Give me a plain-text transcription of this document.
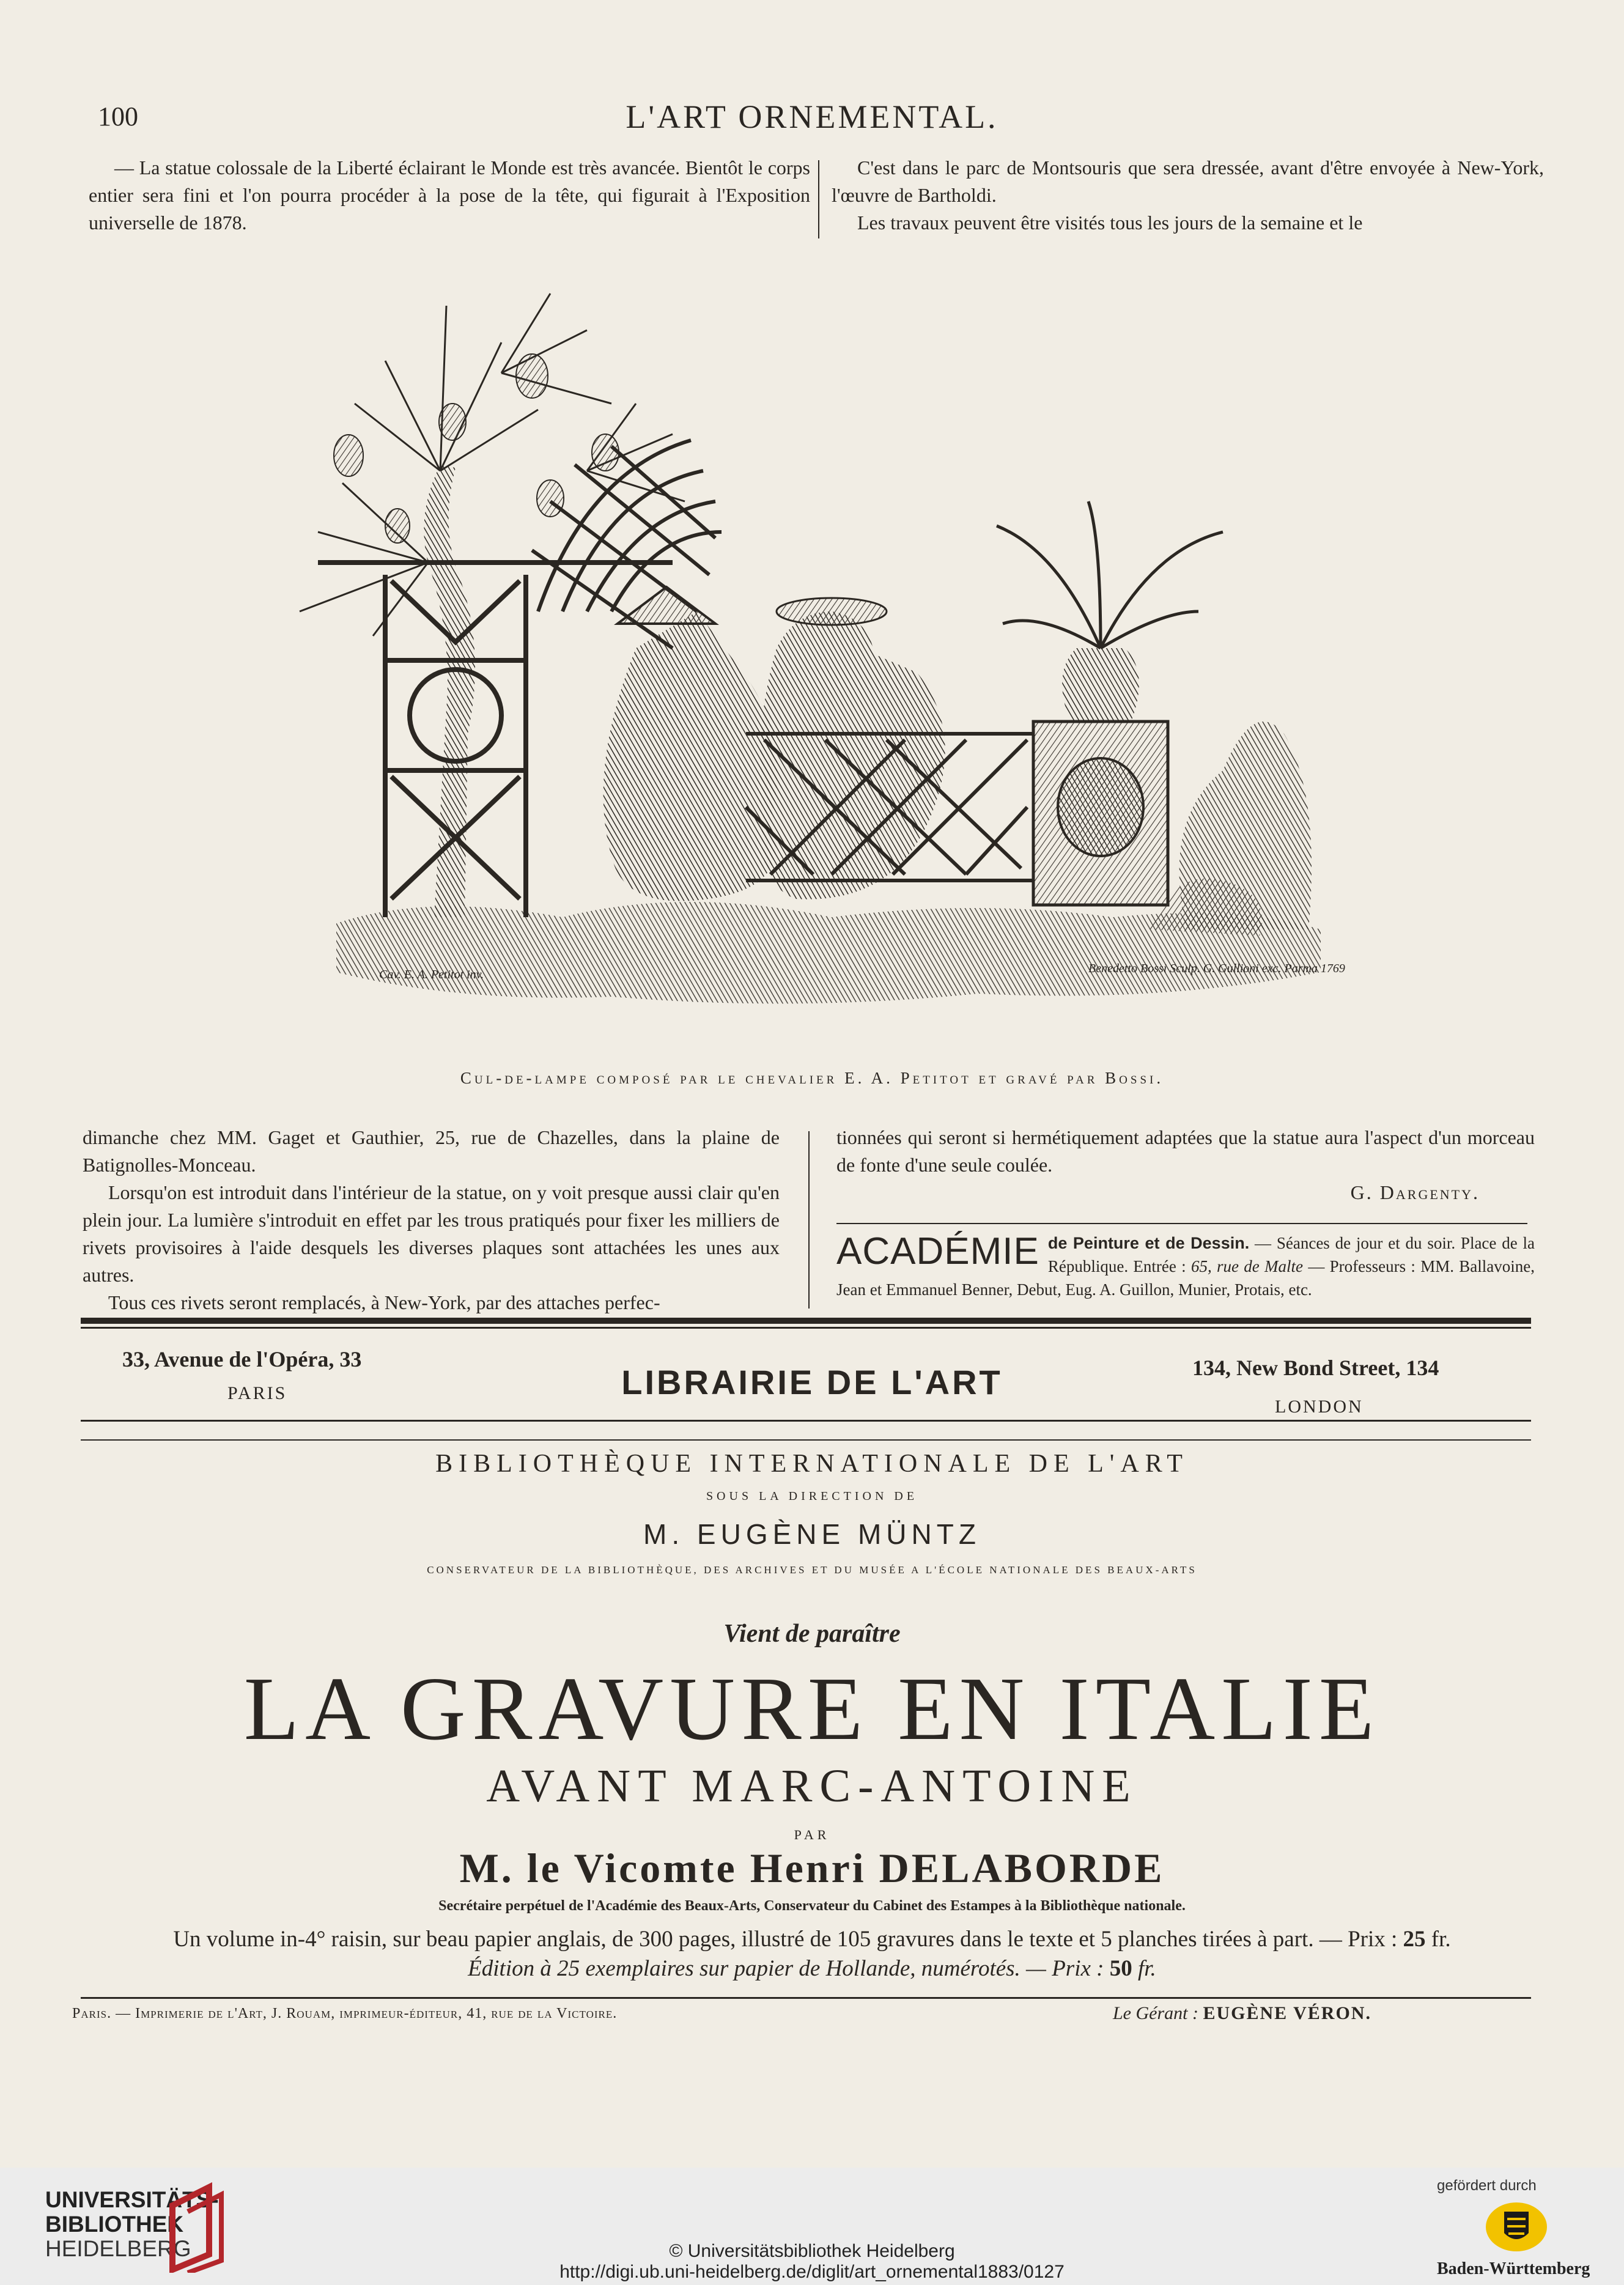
100	L'ART ORNEMENTAL.

— La statue colossale de la Liberté éclairant le Monde est très avancée. Bientôt le corps entier sera fini et l'on pourra procéder à la pose de la tête, qui figurait à l'Exposition universelle de 1878.

C'est dans le parc de Montsouris que sera dressée, avant d'être envoyée à New-York, l'œuvre de Bartholdi.

Les travaux peuvent être visités tous les jours de la semaine et le

Cav. E. A. Petitot inv.	Benedetto Bossi Sculp. G. Gullioni exc. Parma 1769
Cul-de-lampe composé par le chevalier E. A. Petitot et gravé par Bossi.

dimanche chez MM. Gaget et Gauthier, 25, rue de Chazelles, dans la plaine de Batignolles-Monceau.

Lorsqu'on est introduit dans l'intérieur de la statue, on y voit presque aussi clair qu'en plein jour. La lumière s'introduit en effet par les trous pratiqués pour fixer les milliers de rivets provisoires à l'aide desquels les diverses plaques sont attachées les unes aux autres.

Tous ces rivets seront remplacés, à New-York, par des attaches perfec-

tionnées qui seront si hermétiquement adaptées que la statue aura l'aspect d'un morceau de fonte d'une seule coulée.

G. Dargenty.

ACADÉMIE de Peinture et de Dessin. — Séances de jour et du soir. Place de la République. Entrée : 65, rue de Malte — Professeurs : MM. Ballavoine, Jean et Emmanuel Benner, Debut, Eug. A. Guillon, Munier, Protais, etc.
33, Avenue de l'Opéra, 33
PARIS	LIBRAIRIE DE L'ART	134, New Bond Street, 134
LONDON
BIBLIOTHÈQUE INTERNATIONALE DE L'ART
SOUS LA DIRECTION DE
M. EUGÈNE MÜNTZ
CONSERVATEUR DE LA BIBLIOTHÈQUE, DES ARCHIVES ET DU MUSÉE A L'ÉCOLE NATIONALE DES BEAUX-ARTS
Vient de paraître
LA GRAVURE EN ITALIE
AVANT MARC-ANTOINE
PAR
M. le Vicomte Henri DELABORDE
Secrétaire perpétuel de l'Académie des Beaux-Arts, Conservateur du Cabinet des Estampes à la Bibliothèque nationale.
Un volume in-4° raisin, sur beau papier anglais, de 300 pages, illustré de 105 gravures dans le texte et 5 planches tirées à part. — Prix : 25 fr.
Édition à 25 exemplaires sur papier de Hollande, numérotés. — Prix : 50 fr.
Paris. — Imprimerie de l'Art, J. Rouam, imprimeur-éditeur, 41, rue de la Victoire.	Le Gérant : EUGÈNE VÉRON.
UNIVERSITÄTS-
BIBLIOTHEK
HEIDELBERG
gefördert durch
Baden-Württemberg
© Universitätsbibliothek Heidelberg
http://digi.ub.uni-heidelberg.de/diglit/art_ornemental1883/0127
